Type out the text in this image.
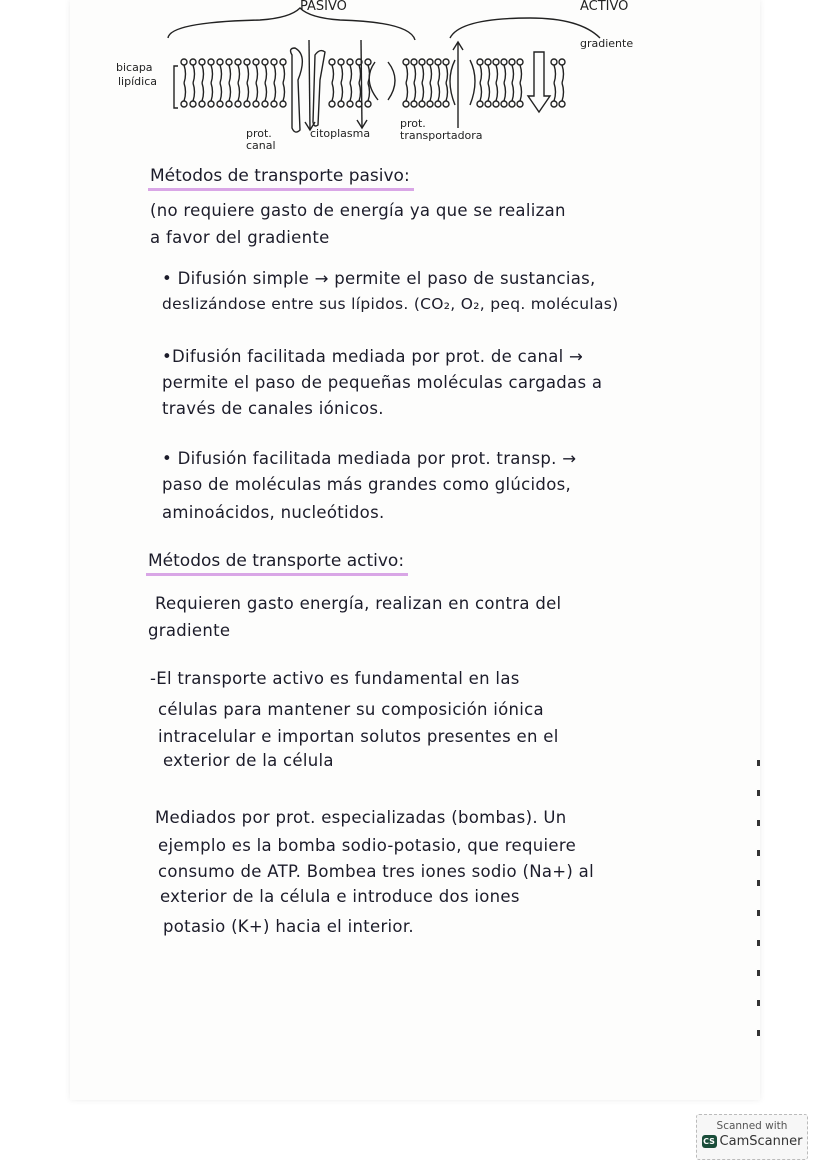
PASIVO	ACTIVO
bicapa
lipídica
prot.
canal
citoplasma
prot.
transportadora
gradiente
Métodos de transporte pasivo:
(no requiere gasto de energía ya que se realizan
a favor del gradiente
• Difusión simple → permite el paso de sustancias,
deslizándose entre sus lípidos. (CO₂, O₂, peq. moléculas)
•Difusión facilitada mediada por prot. de canal →
permite el paso de pequeñas moléculas cargadas a
través de canales iónicos.
• Difusión facilitada mediada por prot. transp. →
paso de moléculas más grandes como glúcidos,
aminoácidos, nucleótidos.
Métodos de transporte activo:
Requieren gasto energía, realizan en contra del
gradiente
-El transporte activo es fundamental en las
células para mantener su composición iónica
intracelular e importan solutos presentes en el
exterior de la célula
Mediados por prot. especializadas (bombas). Un
ejemplo es la bomba sodio-potasio, que requiere
consumo de ATP. Bombea tres iones sodio (Na+) al
exterior de la célula e introduce dos iones
potasio (K+) hacia el interior.
Scanned with
CS CamScanner
